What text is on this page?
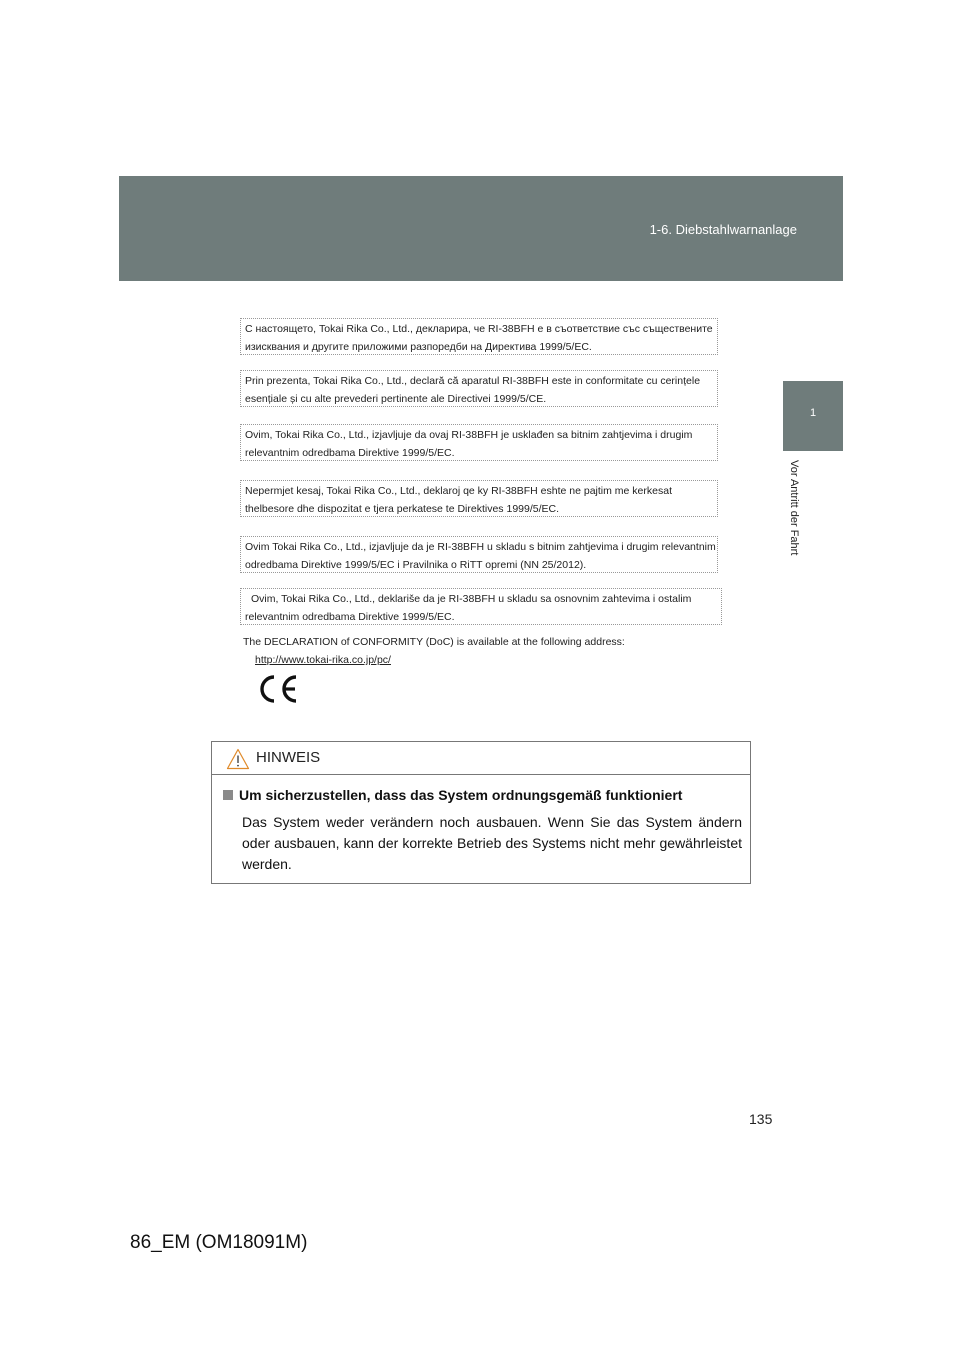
1-6. Diebstahlwarnanlage
1
Vor Antritt der Fahrt

С настоящето, Tokai Rika Co., Ltd., декларира, че RI-38BFH е в съответствие със съществените

изисквания и другите приложими разпоредби на Директива 1999/5/EC.

Prin prezenta, Tokai Rika Co., Ltd., declară că aparatul RI-38BFH este in conformitate cu cerințele

esențiale și cu alte prevederi pertinente ale Directivei 1999/5/CE.

Ovim, Tokai Rika Co., Ltd., izjavljuje da ovaj RI-38BFH je usklađen sa bitnim zahtjevima i drugim

relevantnim odredbama Direktive 1999/5/EC.

Nepermjet kesaj, Tokai Rika Co., Ltd., deklaroj qe ky RI-38BFH eshte ne pajtim me kerkesat

thelbesore dhe dispozitat e tjera perkatese te Direktives 1999/5/EC.

Ovim Tokai Rika Co., Ltd., izjavljuje da je RI-38BFH u skladu s bitnim zahtjevima i drugim relevantnim

odredbama Direktive 1999/5/EC i Pravilnika o RiTT opremi (NN 25/2012).

Ovim, Tokai Rika Co., Ltd., deklariše da je RI-38BFH u skladu sa osnovnim zahtevima i ostalim

relevantnim odredbama Direktive 1999/5/EC.

The DECLARATION of CONFORMITY (DoC) is available at the following address:
http://www.tokai-rika.co.jp/pc/
HINWEIS
Um sicherzustellen, dass das System ordnungsgemäß funktioniert
Das System weder verändern noch ausbauen. Wenn Sie das System ändern oder ausbauen, kann der korrekte Betrieb des Systems nicht mehr gewährleistet werden.
135
86_EM (OM18091M)
